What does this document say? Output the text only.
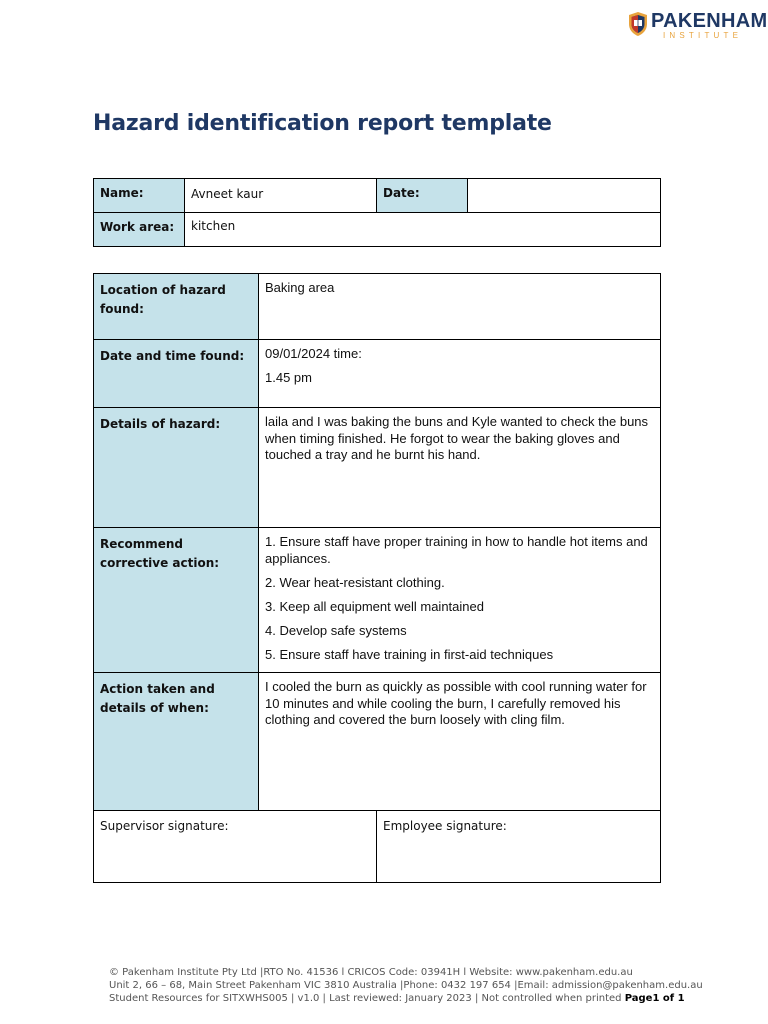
PAKENHAM
INSTITUTE
Hazard identification report template
Name:	Avneet kaur	Date:	
Work area:	kitchen		
Location of hazard found:	Baking area	

Date and time found:	09/01/2024 time:

1.45 pm	

Details of hazard:	laila and I was baking the buns and Kyle wanted to check the buns when timing finished. He forgot to wear the baking gloves and touched a tray and he burnt his hand.	

Recommend corrective action:	1. Ensure staff have proper training in how to handle hot items and appliances.

2. Wear heat-resistant clothing.

3. Keep all equipment well maintained

4. Develop safe systems

5. Ensure staff have training in first-aid techniques	

Action taken and details of when:	I cooled the burn as quickly as possible with cool running water for 10 minutes and while cooling the burn, I carefully removed his clothing and covered the burn loosely with cling film.	

Supervisor signature:		Employee signature:
© Pakenham Institute Pty Ltd |RTO No. 41536 l CRICOS Code: 03941H l Website: www.pakenham.edu.au
Unit 2, 66 – 68, Main Street Pakenham VIC 3810 Australia |Phone: 0432 197 654 |Email: admission@pakenham.edu.au
Student Resources for SITXWHS005 | v1.0 | Last reviewed: January 2023 | Not controlled when printed Page1 of 1
